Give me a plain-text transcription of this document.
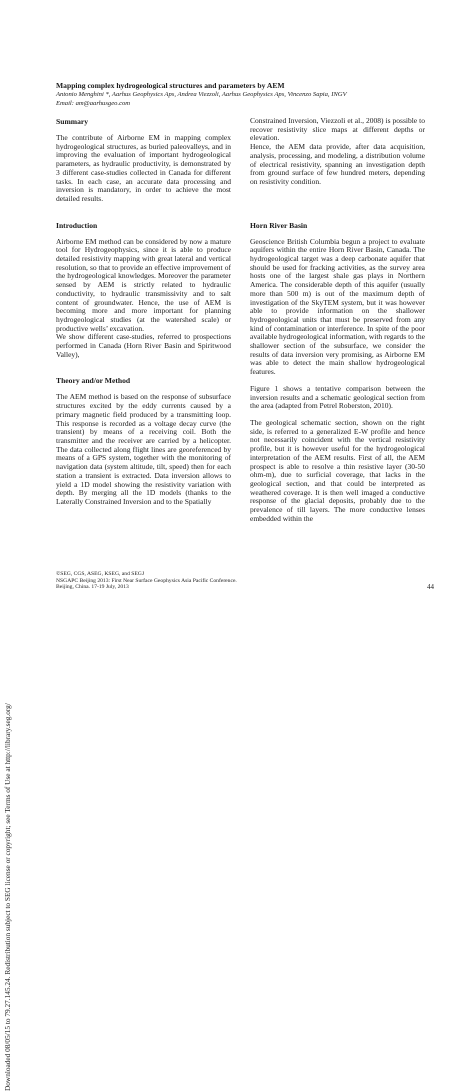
Downloaded 08/05/15 to 79.27.145.24. Redistribution subject to SEG license or copyright; see Terms of Use at http://library.seg.org/
Mapping complex hydrogeological structures and parameters by AEM
Antonio Menghini *, Aarhus Geophysics Aps, Andrea Viezzoli, Aarhus Geophysics Aps, Vincenzo Sapia, INGV
Email: am@aarhusgeo.com
Summary

The contribute of Airborne EM in mapping complex hydrogeological structures, as buried paleovalleys, and in improving the evaluation of important hydrogeological parameters, as hydraulic productivity, is demonstrated by 3 different case-studies collected in Canada for different tasks. In each case, an accurate data processing and inversion is mandatory, in order to achieve the most detailed results.

Introduction

Airborne EM method can be considered by now a mature tool for Hydrogeophysics, since it is able to produce detailed resistivity mapping with great lateral and vertical resolution, so that to provide an effective improvement of the hydrogeological knowledges. Moreover the parameter sensed by AEM is strictly related to hydraulic conductivity, to hydraulic transmissivity and to salt content of groundwater. Hence, the use of AEM is becoming more and more important for planning hydrogeological studies (at the watershed scale) or productive wells’ excavation.

We show different case-studies, referred to prospections performed in Canada (Horn River Basin and Spiritwood Valley),

Theory and/or Method

The AEM method is based on the response of subsurface structures excited by the eddy currents caused by a primary magnetic field produced by a transmitting loop. This response is recorded as a voltage decay curve (the transient) by means of a receiving coil. Both the transmitter and the receiver are carried by a helicopter. The data collected along flight lines are georeferenced by means of a GPS system, together with the monitoring of navigation data (system altitude, tilt, speed) then for each station a transient is extracted. Data inversion allows to yield a 1D model showing the resistivity variation with depth. By merging all the 1D models (thanks to the Laterally Constrained Inversion and to the Spatially

Constrained Inversion, Viezzoli et al., 2008) is possible to recover resistivity slice maps at different depths or elevation.

Hence, the AEM data provide, after data acquisition, analysis, processing, and modeling, a distribution volume of electrical resistivity, spanning an investigation depth from ground surface of few hundred meters, depending on resistivity condition.

Horn River Basin

Geoscience British Columbia begun a project to evaluate aquifers within the entire Horn River Basin, Canada. The hydrogeological target was a deep carbonate aquifer that should be used for fracking activities, as the survey area hosts one of the largest shale gas plays in Northern America. The considerable depth of this aquifer (usually more than 500 m) is out of the maximum depth of investigation of the SkyTEM system, but it was however able to provide information on the shallower hydrogeological units that must be preserved from any kind of contamination or interference. In spite of the poor available hydrogeological information, with regards to the shallower section of the subsurface, we consider the results of data inversion very promising, as Airborne EM was able to detect the main shallow hydrogeological features.

Figure 1 shows a tentative comparison between the inversion results and a schematic geological section from the area (adapted from Petrel Roberston, 2010).

The geological schematic section, shown on the right side, is referred to a generalized E-W profile and hence not necessarily coincident with the vertical resistivity profile, but it is however useful for the hydrogeological interpretation of the AEM results. First of all, the AEM prospect is able to resolve a thin resistive layer (30-50 ohm-m), due to surficial coverage, that lacks in the geological section, and that could be interpreted as weathered coverage. It is then well imaged a conductive response of the glacial deposits, probably due to the prevalence of till layers. The more conductive lenses embedded within the

©SEG, CGS, ASEG, KSEG, and SEGJ
NSGAPC Beijing 2013: First Near Surface Geophysics Asia Pacific Conference.
Beijing, China. 17-19 July, 2013	44
